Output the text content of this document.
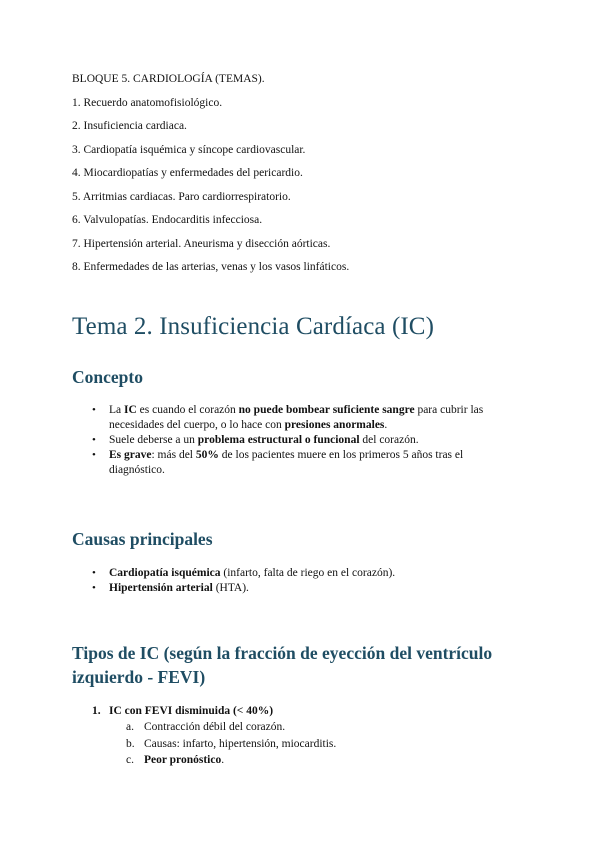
BLOQUE 5. CARDIOLOGÍA (TEMAS).
1. Recuerdo anatomofisiológico.
2. Insuficiencia cardiaca.
3. Cardiopatía isquémica y síncope cardiovascular.
4. Miocardiopatías y enfermedades del pericardio.
5. Arritmias cardiacas. Paro cardiorrespiratorio.
6. Valvulopatías. Endocarditis infecciosa.
7. Hipertensión arterial. Aneurisma y disección aórticas.
8. Enfermedades de las arterias, venas y los vasos linfáticos.
Tema 2. Insuficiencia Cardíaca (IC)
Concepto
• La IC es cuando el corazón no puede bombear suficiente sangre para cubrir las necesidades del cuerpo, o lo hace con presiones anormales.
• Suele deberse a un problema estructural o funcional del corazón.
• Es grave: más del 50% de los pacientes muere en los primeros 5 años tras el diagnóstico.
Causas principales
• Cardiopatía isquémica (infarto, falta de riego en el corazón).
• Hipertensión arterial (HTA).
Tipos de IC (según la fracción de eyección del ventrículo izquierdo - FEVI)
1. IC con FEVI disminuida (< 40%)
a. Contracción débil del corazón.
b. Causas: infarto, hipertensión, miocarditis.
c. Peor pronóstico.
